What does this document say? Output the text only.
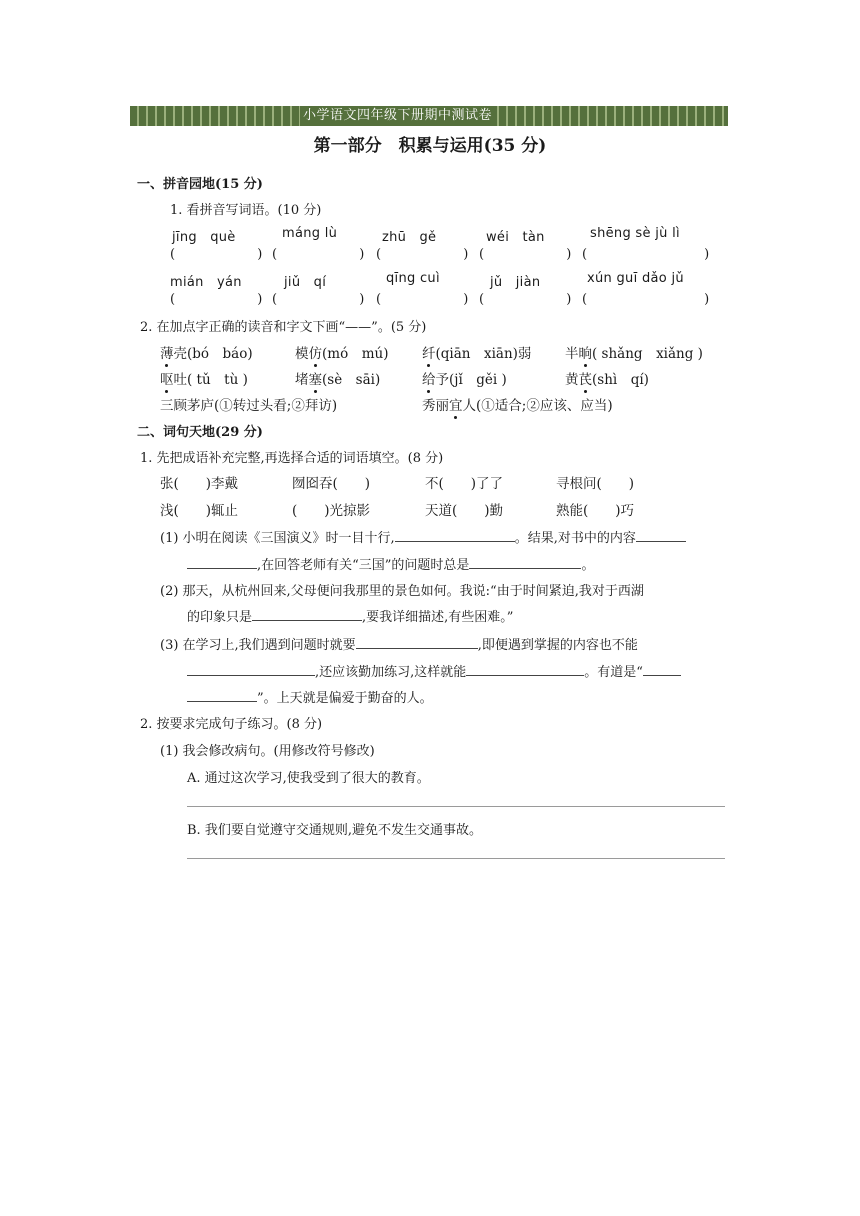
小学语文四年级下册期中测试卷
第一部分　积累与运用(35 分)
一、拼音园地(15 分)
1. 看拼音写词语。(10 分)
jīng　què	máng lù	zhū　gě	wéi　tàn	shēng sè jù lì
(　　　　　　 ) (　　　　　　 ) (　　　　　　 ) (　　　　　　 ) (　　　　　　　　　)
mián　yán	jiǔ　qí	qīng cuì	jǔ　jiàn	xún guī dǎo jǔ
(　　　　　　 ) (　　　　　　 ) (　　　　　　 ) (　　　　　　 ) (　　　　　　　　　)
2. 在加点字正确的读音和字文下画“——”。(5 分)
薄壳(bó　báo)	模仿(mó　mú) 纤(qiān　xiān)弱 半晌( shǎng　xiǎng )
呕吐( tǔ　tù )	堵塞(sè　sāi)	给予(jǐ　gěi )	黄芪(shì　qí)
三顾茅庐(①转过头看;②拜访)	秀丽宜人(①适合;②应该、应当)
二、词句天地(29 分)
1. 先把成语补充完整,再选择合适的词语填空。(8 分)
张(　　)李戴	囫囵吞(　　)	不(　　)了了	寻根问(　　)
浅(　　)辄止	(　　)光掠影	天道(　　)勤	熟能(　　)巧
(1) 小明在阅读《三国演义》时一目十行,	。结果,对书中的内容
,在回答老师有关“三国”的问题时总是	。
(2) 那天，从杭州回来,父母便问我那里的景色如何。我说:“由于时间紧迫,我对于西湖
的印象只是	,要我详细描述,有些困难。”
(3) 在学习上,我们遇到问题时就要	,即便遇到掌握的内容也不能
,还应该勤加练习,这样就能	。有道是“
”。上天就是偏爱于勤奋的人。
2. 按要求完成句子练习。(8 分)
(1) 我会修改病句。(用修改符号修改)
A. 通过这次学习,使我受到了很大的教育。
B. 我们要自觉遵守交通规则,避免不发生交通事故。
